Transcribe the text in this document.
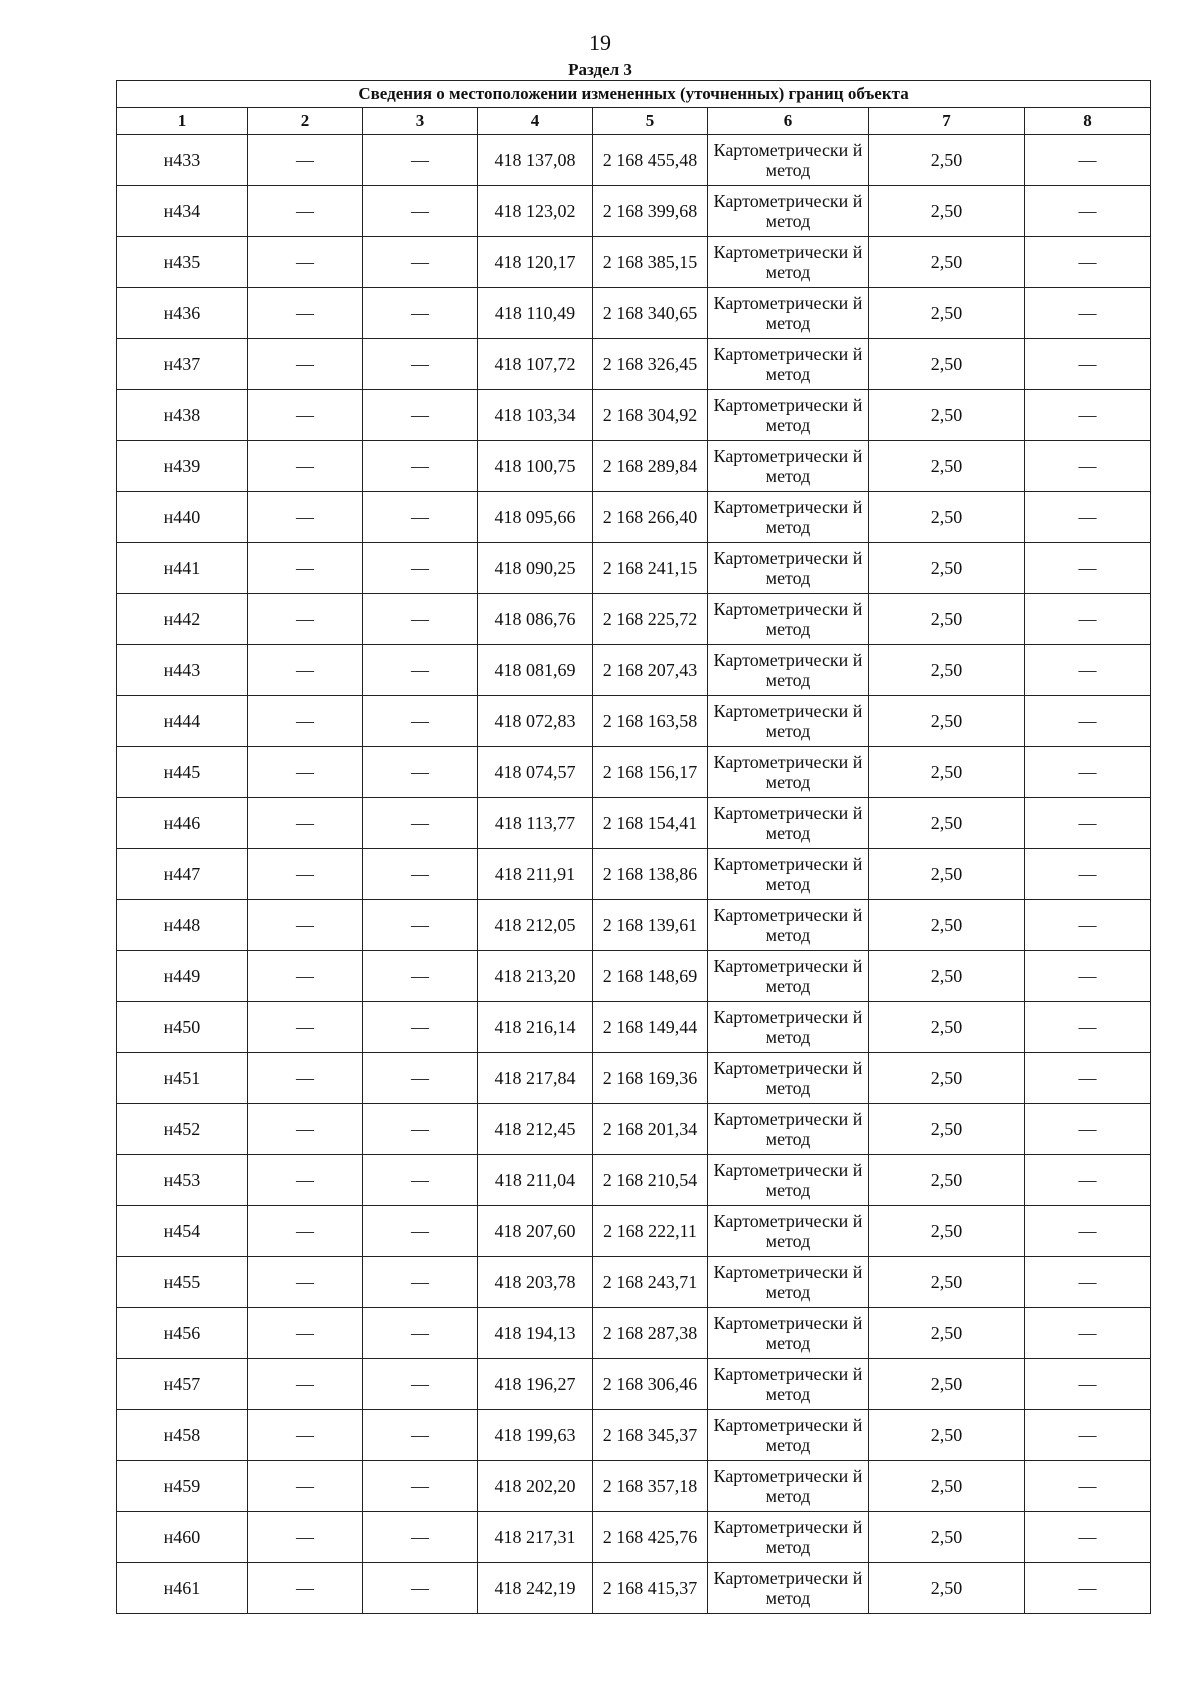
19
Раздел 3
Сведения о местоположении измененных (уточненных) границ объекта							
1	2	3	4	5	6	7	8
н433	—	—	418 137,08	2 168 455,48	Картометрически й метод	2,50	—
н434	—	—	418 123,02	2 168 399,68	Картометрически й метод	2,50	—
н435	—	—	418 120,17	2 168 385,15	Картометрически й метод	2,50	—
н436	—	—	418 110,49	2 168 340,65	Картометрически й метод	2,50	—
н437	—	—	418 107,72	2 168 326,45	Картометрически й метод	2,50	—
н438	—	—	418 103,34	2 168 304,92	Картометрически й метод	2,50	—
н439	—	—	418 100,75	2 168 289,84	Картометрически й метод	2,50	—
н440	—	—	418 095,66	2 168 266,40	Картометрически й метод	2,50	—
н441	—	—	418 090,25	2 168 241,15	Картометрически й метод	2,50	—
н442	—	—	418 086,76	2 168 225,72	Картометрически й метод	2,50	—
н443	—	—	418 081,69	2 168 207,43	Картометрически й метод	2,50	—
н444	—	—	418 072,83	2 168 163,58	Картометрически й метод	2,50	—
н445	—	—	418 074,57	2 168 156,17	Картометрически й метод	2,50	—
н446	—	—	418 113,77	2 168 154,41	Картометрически й метод	2,50	—
н447	—	—	418 211,91	2 168 138,86	Картометрически й метод	2,50	—
н448	—	—	418 212,05	2 168 139,61	Картометрически й метод	2,50	—
н449	—	—	418 213,20	2 168 148,69	Картометрически й метод	2,50	—
н450	—	—	418 216,14	2 168 149,44	Картометрически й метод	2,50	—
н451	—	—	418 217,84	2 168 169,36	Картометрически й метод	2,50	—
н452	—	—	418 212,45	2 168 201,34	Картометрически й метод	2,50	—
н453	—	—	418 211,04	2 168 210,54	Картометрически й метод	2,50	—
н454	—	—	418 207,60	2 168 222,11	Картометрически й метод	2,50	—
н455	—	—	418 203,78	2 168 243,71	Картометрически й метод	2,50	—
н456	—	—	418 194,13	2 168 287,38	Картометрически й метод	2,50	—
н457	—	—	418 196,27	2 168 306,46	Картометрически й метод	2,50	—
н458	—	—	418 199,63	2 168 345,37	Картометрически й метод	2,50	—
н459	—	—	418 202,20	2 168 357,18	Картометрически й метод	2,50	—
н460	—	—	418 217,31	2 168 425,76	Картометрически й метод	2,50	—
н461	—	—	418 242,19	2 168 415,37	Картометрически й метод	2,50	—
